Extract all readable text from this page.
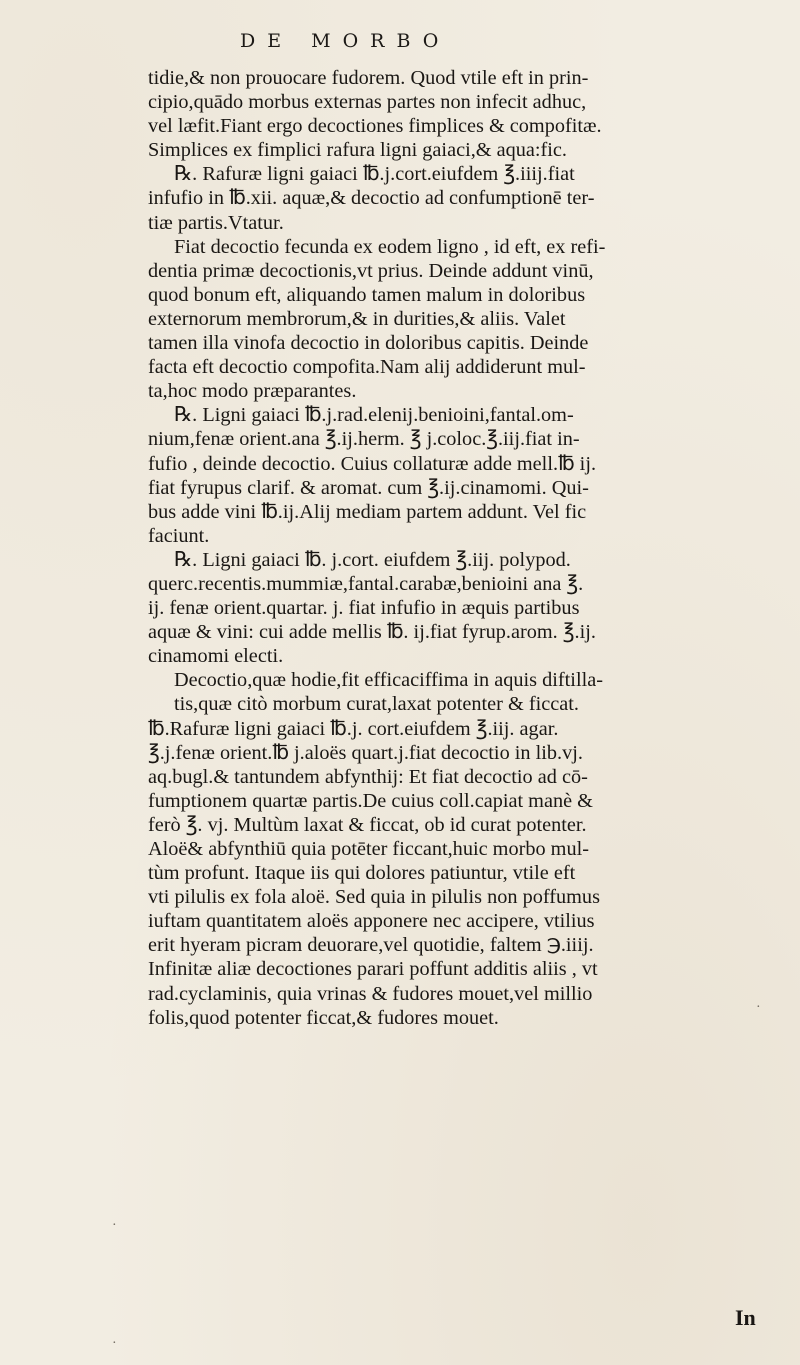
DE MORBO
tidie,& non prouocare fudorem. Quod vtile eft in prin-
cipio,quādo morbus externas partes non infecit adhuc,
vel læfit.Fiant ergo decoctiones fimplices & compofitæ.
Simplices ex fimplici rafura ligni gaiaci,& aqua:fic.
℞. Rafuræ ligni gaiaci ℔.j.cort.eiufdem ℥.iiij.fiat
infufio in ℔.xii. aquæ,& decoctio ad confumptionē ter-
tiæ partis.Vtatur.
Fiat decoctio fecunda ex eodem ligno , id eft, ex refi-
dentia primæ decoctionis,vt prius. Deinde addunt vinū,
quod bonum eft, aliquando tamen malum in doloribus
externorum membrorum,& in durities,& aliis. Valet
tamen illa vinofa decoctio in doloribus capitis. Deinde
facta eft decoctio compofita.Nam alij addiderunt mul-
ta,hoc modo præparantes.
℞. Ligni gaiaci ℔.j.rad.elenij.benioini,fantal.om-
nium,fenæ orient.ana ℥.ij.herm. ℥ j.coloc.℥.iij.fiat in-
fufio , deinde decoctio. Cuius collaturæ adde mell.℔ ij.
fiat fyrupus clarif. & aromat. cum ℥.ij.cinamomi. Qui-
bus adde vini ℔.ij.Alij mediam partem addunt. Vel fic
faciunt.
℞. Ligni gaiaci ℔. j.cort. eiufdem ℥.iij. polypod.
querc.recentis.mummiæ,fantal.carabæ,benioini ana ℥.
ij. fenæ orient.quartar. j. fiat infufio in æquis partibus
aquæ & vini: cui adde mellis ℔. ij.fiat fyrup.arom. ℥.ij.
cinamomi electi.
Decoctio,quæ hodie,fit efficaciffima in aquis diftilla-
tis,quæ citò morbum curat,laxat potenter & ficcat.
℔.Rafuræ ligni gaiaci ℔.j. cort.eiufdem ℥.iij. agar.
℥.j.fenæ orient.℔ j.aloës quart.j.fiat decoctio in lib.vj.
aq.bugl.& tantundem abfynthij: Et fiat decoctio ad cō-
fumptionem quartæ partis.De cuius coll.capiat manè &
ferò ℥. vj. Multùm laxat & ficcat, ob id curat potenter.
Aloë& abfynthiū quia potēter ficcant,huic morbo mul-
tùm profunt. Itaque iis qui dolores patiuntur, vtile eft
vti pilulis ex fola aloë. Sed quia in pilulis non poffumus
iuftam quantitatem aloës apponere nec accipere, vtilius
erit hyeram picram deuorare,vel quotidie, faltem ℈.iiij.
Infinitæ aliæ decoctiones parari poffunt additis aliis , vt
rad.cyclaminis, quia vrinas & fudores mouet,vel millio
folis,quod potenter ficcat,& fudores mouet.
In
·
·
·
